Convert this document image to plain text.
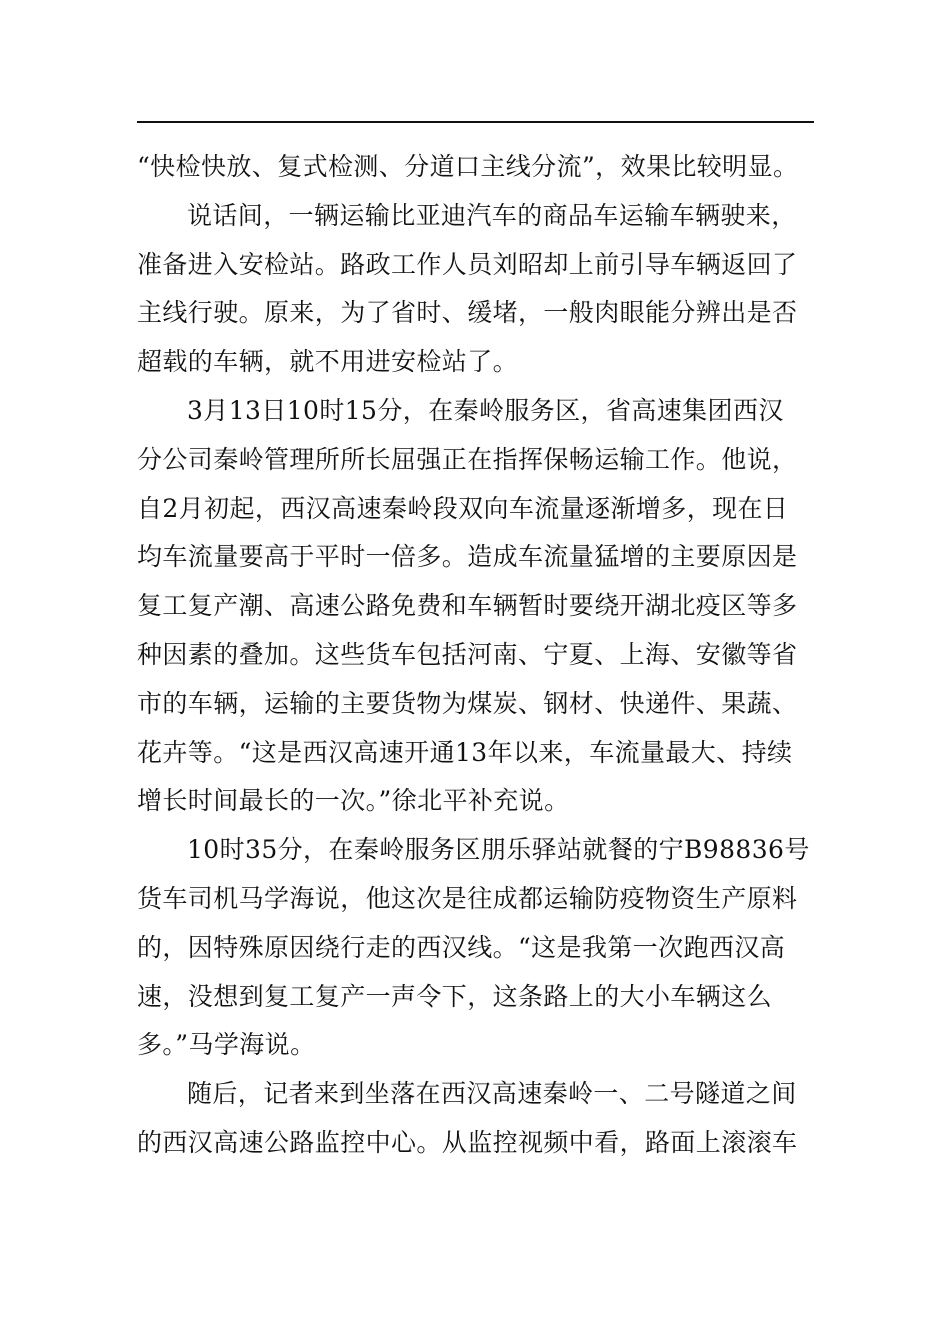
“快检快放、复式检测、分道口主线分流”，效果比较明显。
说话间，一辆运输比亚迪汽车的商品车运输车辆驶来，
准备进入安检站。路政工作人员刘昭却上前引导车辆返回了
主线行驶。原来，为了省时、缓堵，一般肉眼能分辨出是否
超载的车辆，就不用进安检站了。
3月13日10时15分，在秦岭服务区，省高速集团西汉
分公司秦岭管理所所长屈强正在指挥保畅运输工作。他说，
自2月初起，西汉高速秦岭段双向车流量逐渐增多，现在日
均车流量要高于平时一倍多。造成车流量猛增的主要原因是
复工复产潮、高速公路免费和车辆暂时要绕开湖北疫区等多
种因素的叠加。这些货车包括河南、宁夏、上海、安徽等省
市的车辆，运输的主要货物为煤炭、钢材、快递件、果蔬、
花卉等。“这是西汉高速开通13年以来，车流量最大、持续
增长时间最长的一次。”徐北平补充说。
10时35分，在秦岭服务区朋乐驿站就餐的宁B98836号
货车司机马学海说，他这次是往成都运输防疫物资生产原料
的，因特殊原因绕行走的西汉线。“这是我第一次跑西汉高
速，没想到复工复产一声令下，这条路上的大小车辆这么
多。”马学海说。
随后，记者来到坐落在西汉高速秦岭一、二号隧道之间
的西汉高速公路监控中心。从监控视频中看，路面上滚滚车
